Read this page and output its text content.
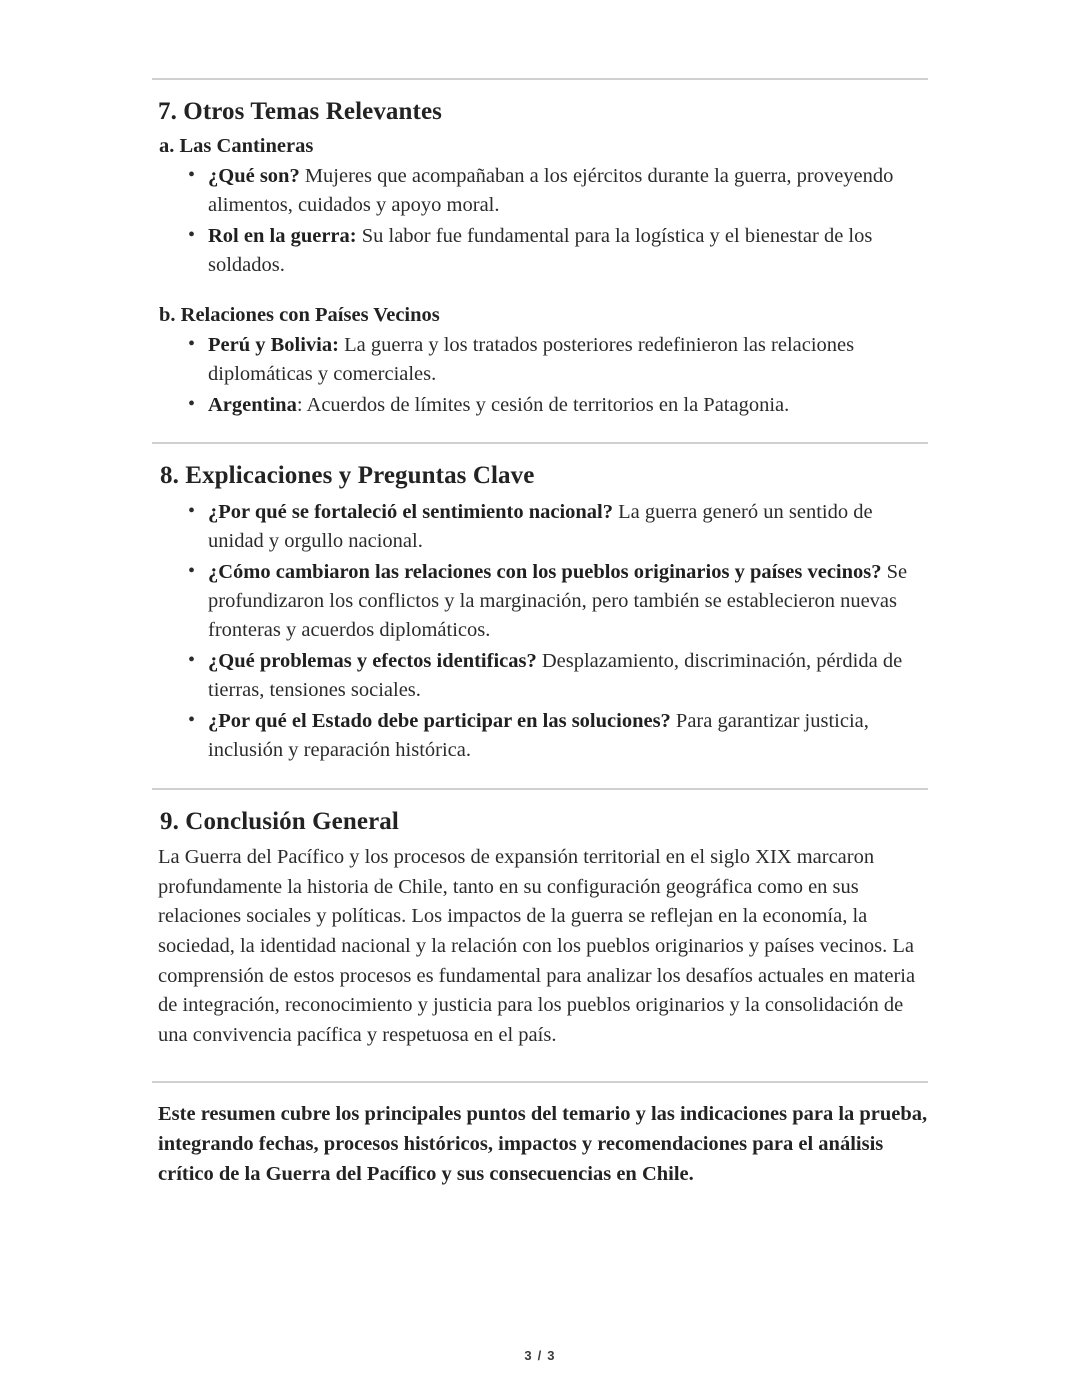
7. Otros Temas Relevantes
a. Las Cantineras
• ¿Qué son? Mujeres que acompañaban a los ejércitos durante la guerra, proveyendo alimentos, cuidados y apoyo moral.
• Rol en la guerra: Su labor fue fundamental para la logística y el bienestar de los soldados.
b. Relaciones con Países Vecinos
• Perú y Bolivia: La guerra y los tratados posteriores redefinieron las relaciones diplomáticas y comerciales.
• Argentina: Acuerdos de límites y cesión de territorios en la Patagonia.
8. Explicaciones y Preguntas Clave
• ¿Por qué se fortaleció el sentimiento nacional? La guerra generó un sentido de unidad y orgullo nacional.
• ¿Cómo cambiaron las relaciones con los pueblos originarios y países vecinos? Se profundizaron los conflictos y la marginación, pero también se establecieron nuevas fronteras y acuerdos diplomáticos.
• ¿Qué problemas y efectos identificas? Desplazamiento, discriminación, pérdida de tierras, tensiones sociales.
• ¿Por qué el Estado debe participar en las soluciones? Para garantizar justicia, inclusión y reparación histórica.
9. Conclusión General

La Guerra del Pacífico y los procesos de expansión territorial en el siglo XIX marcaron profundamente la historia de Chile, tanto en su configuración geográfica como en sus relaciones sociales y políticas. Los impactos de la guerra se reflejan en la economía, la sociedad, la identidad nacional y la relación con los pueblos originarios y países vecinos. La comprensión de estos procesos es fundamental para analizar los desafíos actuales en materia de integración, reconocimiento y justicia para los pueblos originarios y la consolidación de una convivencia pacífica y respetuosa en el país.

Este resumen cubre los principales puntos del temario y las indicaciones para la prueba, integrando fechas, procesos históricos, impactos y recomendaciones para el análisis crítico de la Guerra del Pacífico y sus consecuencias en Chile.

3 / 3
